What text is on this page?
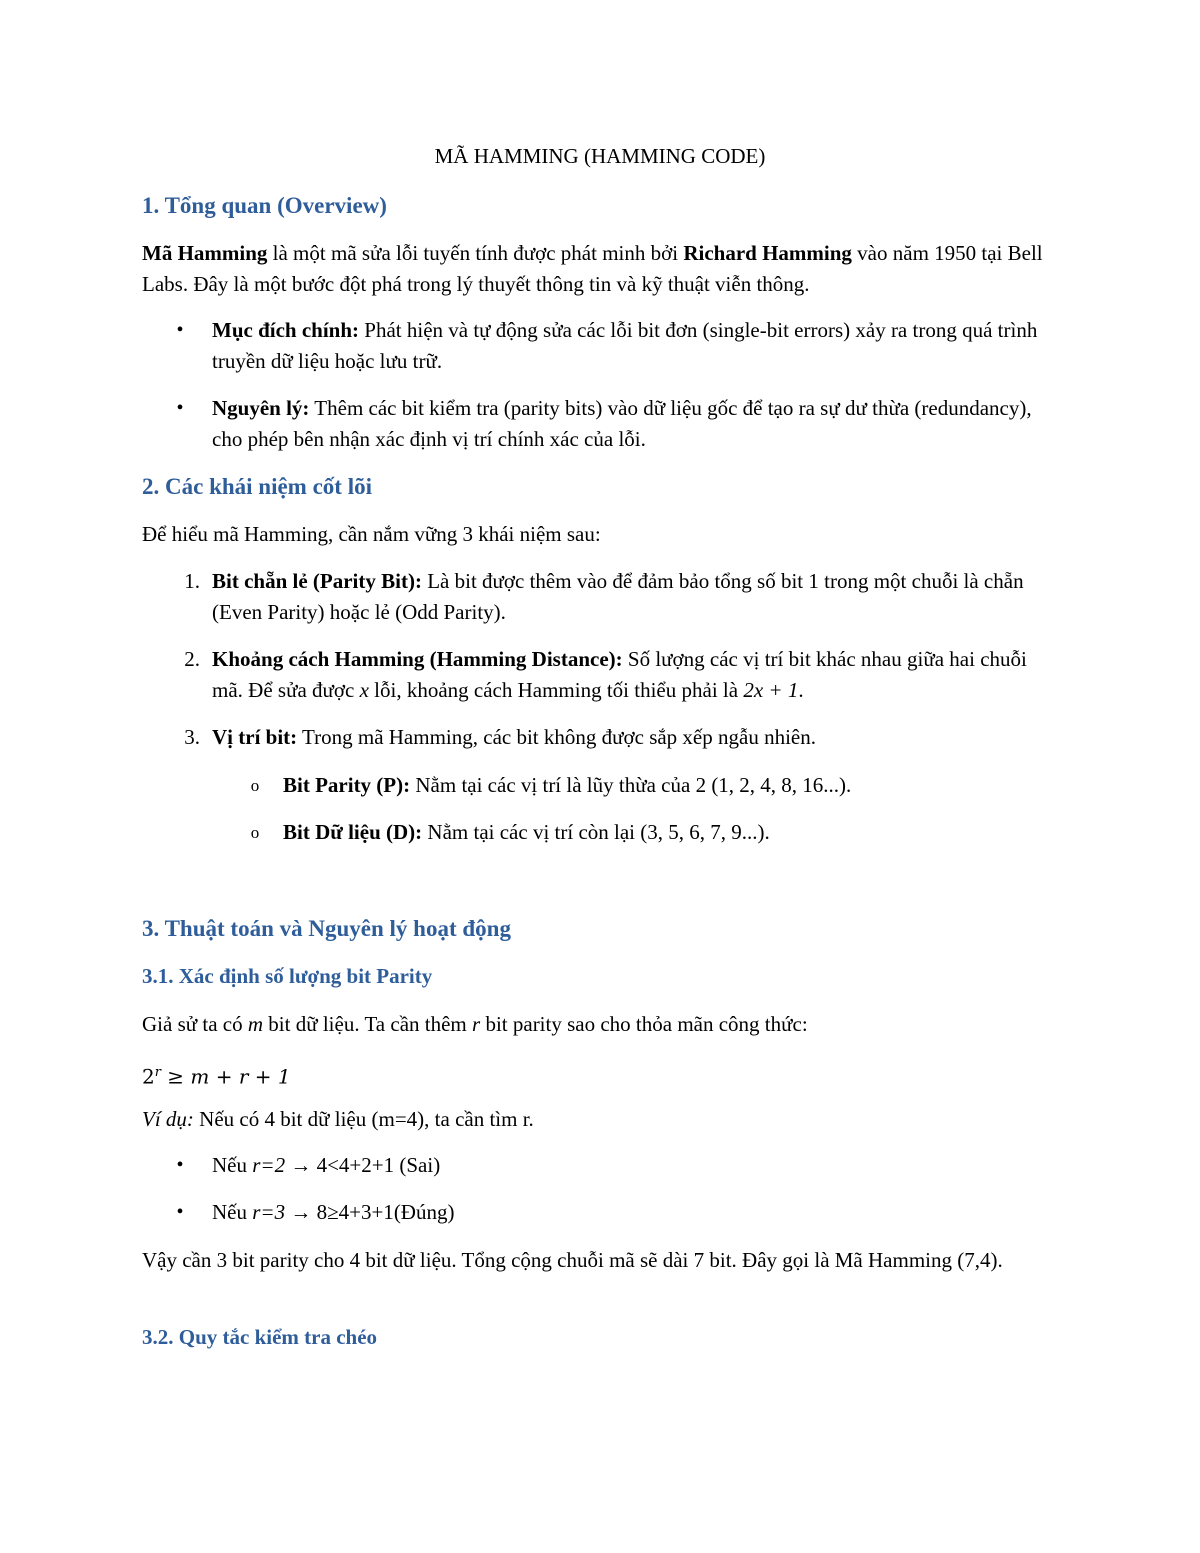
MÃ HAMMING (HAMMING CODE)
1. Tổng quan (Overview)

Mã Hamming là một mã sửa lỗi tuyến tính được phát minh bởi Richard Hamming vào năm 1950 tại Bell Labs. Đây là một bước đột phá trong lý thuyết thông tin và kỹ thuật viễn thông.

•	Mục đích chính: Phát hiện và tự động sửa các lỗi bit đơn (single-bit errors) xảy ra trong quá trình truyền dữ liệu hoặc lưu trữ.

•	Nguyên lý: Thêm các bit kiểm tra (parity bits) vào dữ liệu gốc để tạo ra sự dư thừa (redundancy), cho phép bên nhận xác định vị trí chính xác của lỗi.

2. Các khái niệm cốt lõi

Để hiểu mã Hamming, cần nắm vững 3 khái niệm sau:

1. Bit chẵn lẻ (Parity Bit): Là bit được thêm vào để đảm bảo tổng số bit 1 trong một chuỗi là chẵn (Even Parity) hoặc lẻ (Odd Parity).

2. Khoảng cách Hamming (Hamming Distance): Số lượng các vị trí bit khác nhau giữa hai chuỗi mã. Để sửa được x lỗi, khoảng cách Hamming tối thiểu phải là 2x + 1.

3. Vị trí bit: Trong mã Hamming, các bit không được sắp xếp ngẫu nhiên.

o Bit Parity (P): Nằm tại các vị trí là lũy thừa của 2 (1, 2, 4, 8, 16...).

o Bit Dữ liệu (D): Nằm tại các vị trí còn lại (3, 5, 6, 7, 9...).

3. Thuật toán và Nguyên lý hoạt động
3.1. Xác định số lượng bit Parity

Giả sử ta có m bit dữ liệu. Ta cần thêm r bit parity sao cho thỏa mãn công thức:

$2^r \ge m + r + 1$

Ví dụ: Nếu có 4 bit dữ liệu (m=4), ta cần tìm r.

•	Nếu r=2 → 4<4+2+1 (Sai)

•	Nếu r=3 → 8≥4+3+1(Đúng)

Vậy cần 3 bit parity cho 4 bit dữ liệu. Tổng cộng chuỗi mã sẽ dài 7 bit. Đây gọi là Mã Hamming (7,4).

3.2. Quy tắc kiểm tra chéo
